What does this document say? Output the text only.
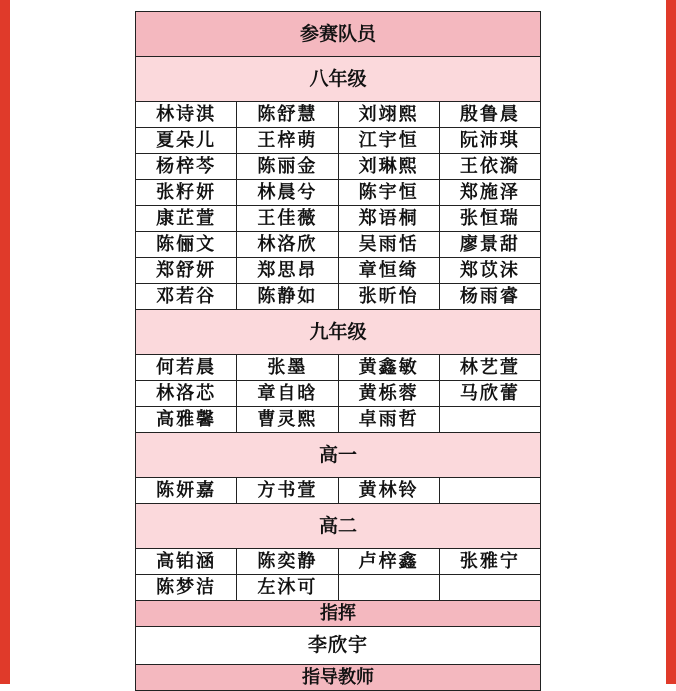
参赛队员			
八年级			
林诗淇	陈舒慧	刘翊熙	殷鲁晨
夏朵儿	王梓萌	江宇恒	阮沛琪
杨梓芩	陈丽金	刘琳熙	王依漪
张籽妍	林晨兮	陈宇恒	郑施泽
康芷萱	王佳薇	郑语桐	张恒瑞
陈俪文	林洛欣	吴雨恬	廖景甜
郑舒妍	郑思昂	章恒绮	郑苡沫
邓若谷	陈静如	张昕怡	杨雨睿
九年级			
何若晨	张墨	黄鑫敏	林艺萱
林洛芯	章自晗	黄栎蓉	马欣蕾
高雅馨	曹灵熙	卓雨哲	
高一			
陈妍嘉	方书萱	黄林铃	
高二			
高铂涵	陈奕静	卢梓鑫	张雅宁
陈梦洁	左沐可		
指挥			
李欣宇			
指导教师			
